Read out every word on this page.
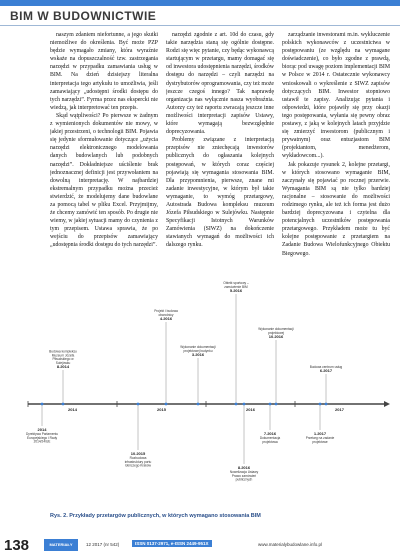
BIM W BUDOWNICTWIE

naszym zdaniem niefortunne, a jego skutki niemożliwe do określenia. Być może PZP będzie wymagało zmiany, która wyraźnie wskaże na dopuszczalność tzw. zastrzegania narzędzi w przypadku zamawiania usług w BIM. Na dzień dzisiejszy literalna interpretacja tego artykułu to umożliwia, jeśli zamawiający „udostępni środki dostępu do tych narzędzi”. Fyrma przez nas ekspercki nie wiedzą, jak interpretować ten przepis.

Skąd wątpliwości? Po pierwsze w żadnym z wymienionych dokumentów nie mowy, w jakiej przestrzeni, o technologii BIM. Pojawia się jedynie sformułowanie dotyczące „użycia narzędzi elektronicznego modelowania danych budowlanych lub podobnych narzędzi”. Dokładniejsze uściślenie brak jednoznacznej definicji jest przywołaniem na dowolną interpretację. W najbardziej ekstremalnym przypadku można przecież stwierdzić, że modelujemy dane budowlane za pomocą tabel w pliku Excel. Przyjmijmy, że chcemy zamówić ten sposób. Po drugie nie wiemy, w jakiej sytuacji mamy do czynienia z tym przepisem. Ustawa sprawia, że po wejściu do przepisów zamawiający „udostępnia środki dostępu do tych narzędzi”.

narzędzi zgodnie z art. 10d do czasu, gdy takie narzędzia staną się ogólnie dostępne. Rodzi się więc pytanie, czy będąc wykonawcą startującym w przetargu, mamy domagać się od inwestora udostępnienia narzędzi, środków dostępu do narzędzi – czyli narzędzi na dystrybutorów oprogramowania, czy też może jeszcze czegoś innego? Tak naprawdę organizacja nas wyłącznie nasza wyobraźnia. Autorzy czy też raportu zwracają jeszcze inne możliwości interpretacji zapisów Ustawy, które wymagają bezwzględnie doprecyzowania.

Problemy związane z interpretacją przepisów nie zniechęcają inwestorów publicznych do ogłaszania kolejnych postępowań, w których coraz częściej pojawiają się wymagania stosowania BIM. Dla przypomnienia, pierwsze, znane mi zadanie inwestycyjne, w którym był takie wymaganie, to wymóg przetargowy, Autostrada Budowa kompleksu muzeum Józefa Piłsudskiego w Sulejówku. Następnie Specyfikacji Istotnych Warunków Zamówienia (SIWZ) na dokończenie stawianych wymagań do możliwości ich dalszego rynku.

zarządzanie inwestorami m.in. wykluczenie polskich wykonawców z uczestnictwa w postępowaniu (ze względu na wymagane doświadczenie), co było zgodne z prawdą, biorąc pod uwagę poziom implementacji BIM w Polsce w 2014 r. Ostatecznie wykonawcy wnioskowali o wykreślenie z SIWZ zapisów dotyczących BIM. Inwestor stopniowo ustawił te zapisy. Analizując pytania i odpowiedzi, które pojawiły się przy okazji tego postępowania, wyłania się pewny obraz postawy, z jaką w kolejnych latach przyjdzie się zmierzyć inwestorom (publicznym i prywatnym) oraz entuzjastom BIM (projektantom, menedżerom, wykładowcom...).

Jak pokazuje rysunek 2, kolejne przetargi, w których stosowano wymaganie BIM, zaczynały się pojawiać po rocznej przerwie. Wymagania BIM są nie tylko bardziej racjonalne – stosowanie do możliwości rodzimego rynku, ale też ich forma jest dużo bardziej doprecyzowana i czytelna dla potencjalnych uczestników postępowania przetargowego. Przykładem może tu być kolejne postępowanie z przetargiem na Zadanie Budowa Wielofunkcyjnego Obiektu Biegowego.

2014	2015	2016	2017
8.2014
Budowa kompleksu
Muzeum Józefa
Piłsudskiego w
Sulejówku
2014
Dyrektywa Parlamentu
Europejskiego i Rady
2014/24/UE
10.2015
Rozbudowa
infrastruktury portu
lotniczego Kraków
4.2016
Projekt i budowa
obwodnicy
3.2016
Wykonanie dokumentacji
projektowej budynku
5.2016
Obiekt sportowy –
zamówienie BIM
7.2016
Dokumentacja
projektowa
8.2016
Nowelizacja Ustawy
Prawo zamówień
publicznych
10.2016
Wykonanie dokumentacji
projektowej
6.2017
Budowa centrum usług
1.2017
Przetarg na zadanie
projektowe
Rys. 2. Przykłady przetargów publicznych, w których wymagano stosowania BIM
138	MATERIAŁY BUDOWLANE
12 2017 (nr 542)	ISSN 0137-2971, e-ISSN 2449-951X	www.materialybudowlane.info.pl
